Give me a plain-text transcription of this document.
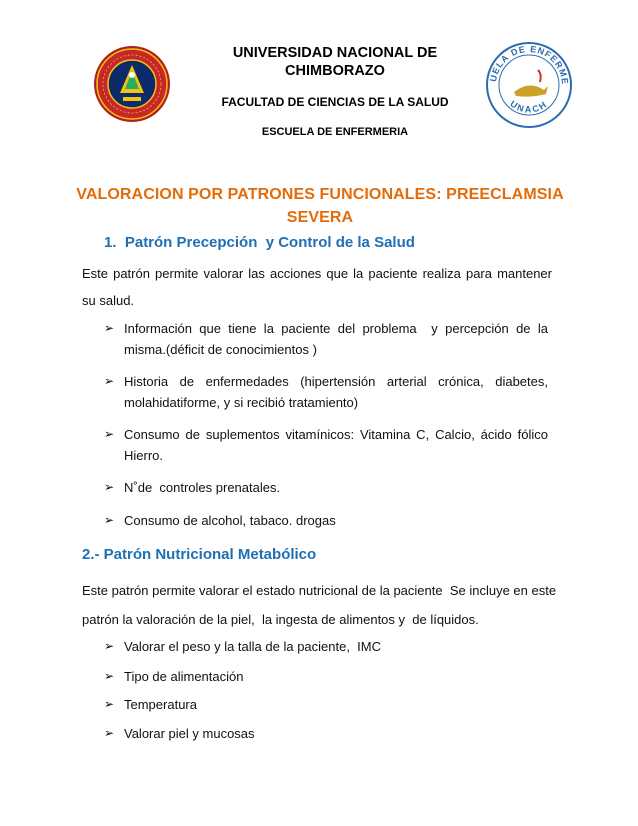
UNIVERSIDAD NACIONAL DE
CHIMBORAZO
FACULTAD DE CIENCIAS DE LA SALUD
ESCUELA DE ENFERMERIA
UELA DE ENFERME
UNACH
VALORACION POR PATRONES FUNCIONALES: PREECLAMSIA
SEVERA
1.  Patrón Precepción  y Control de la Salud
Este patrón permite valorar las acciones que la paciente realiza para mantener
su salud.
➢ Información  que  tiene  la  paciente  del  problema    y  percepción  de  la
misma.(déficit de conocimientos )
➢ Historia de enfermedades (hipertensión arterial crónica, diabetes,
molahidatiforme, y si recibió tratamiento)
➢ Consumo de suplementos vitamínicos: Vitamina C, Calcio, ácido fólico
Hierro.
➢ N˚de  controles prenatales.
➢ Consumo de alcohol, tabaco. drogas
2.- Patrón Nutricional Metabólico
Este patrón permite valorar el estado nutricional de la paciente  Se incluye en este
patrón la valoración de la piel,  la ingesta de alimentos y  de líquidos.
➢ Valorar el peso y la talla de la paciente,  IMC
➢ Tipo de alimentación
➢ Temperatura
➢ Valorar piel y mucosas
